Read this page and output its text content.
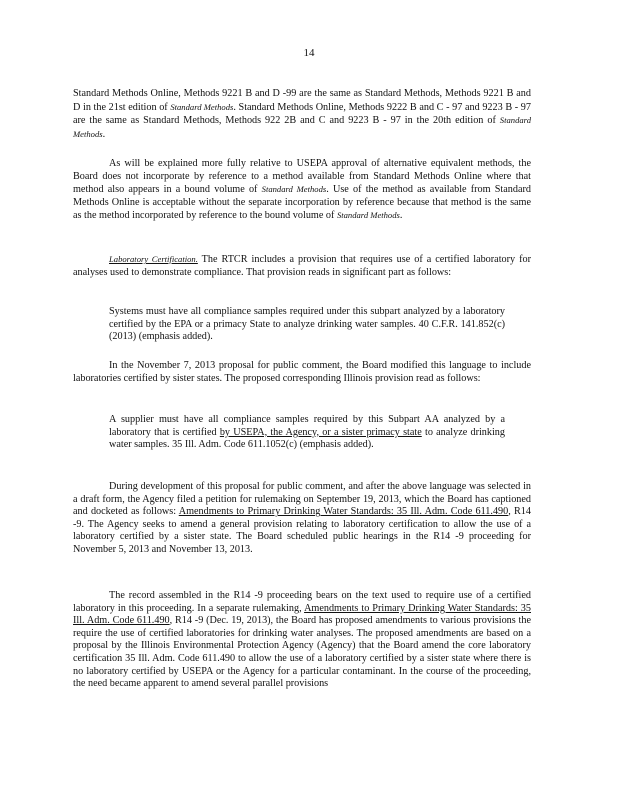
14

Standard Methods Online, Methods 9221 B and D -99 are the same as Standard Methods, Methods 9221 B and D in the 21st edition of Standard Methods. Standard Methods Online, Methods 9222 B and C - 97 and 9223 B - 97 are the same as Standard Methods, Methods 922 2B and C and 9223 B - 97 in the 20th edition of Standard Methods.

As will be explained more fully relative to USEPA approval of alternative equivalent methods, the Board does not incorporate by reference to a method available from Standard Methods Online where that method also appears in a bound volume of Standard Methods. Use of the method as available from Standard Methods Online is acceptable without the separate incorporation by reference because that method is the same as the method incorporated by reference to the bound volume of Standard Methods.

Laboratory Certification. The RTCR includes a provision that requires use of a certified laboratory for analyses used to demonstrate compliance. That provision reads in significant part as follows:

Systems must have all compliance samples required under this subpart analyzed by a laboratory certified by the EPA or a primacy State to analyze drinking water samples. 40 C.F.R. 141.852(c) (2013) (emphasis added).

In the November 7, 2013 proposal for public comment, the Board modified this language to include laboratories certified by sister states. The proposed corresponding Illinois provision read as follows:

A supplier must have all compliance samples required by this Subpart AA analyzed by a laboratory that is certified by USEPA, the Agency, or a sister primacy state to analyze drinking water samples. 35 Ill. Adm. Code 611.1052(c) (emphasis added).

During development of this proposal for public comment, and after the above language was selected in a draft form, the Agency filed a petition for rulemaking on September 19, 2013, which the Board has captioned and docketed as follows: Amendments to Primary Drinking Water Standards: 35 Ill. Adm. Code 611.490, R14 -9. The Agency seeks to amend a general provision relating to laboratory certification to allow the use of a laboratory certified by a sister state. The Board scheduled public hearings in the R14 -9 proceeding for November 5, 2013 and November 13, 2013.

The record assembled in the R14 -9 proceeding bears on the text used to require use of a certified laboratory in this proceeding. In a separate rulemaking, Amendments to Primary Drinking Water Standards: 35 Ill. Adm. Code 611.490, R14 -9 (Dec. 19, 2013), the Board has proposed amendments to various provisions the require the use of certified laboratories for drinking water analyses. The proposed amendments are based on a proposal by the Illinois Environmental Protection Agency (Agency) that the Board amend the core laboratory certification 35 Ill. Adm. Code 611.490 to allow the use of a laboratory certified by a sister state where there is no laboratory certified by USEPA or the Agency for a particular contaminant. In the course of the proceeding, the need became apparent to amend several parallel provisions
